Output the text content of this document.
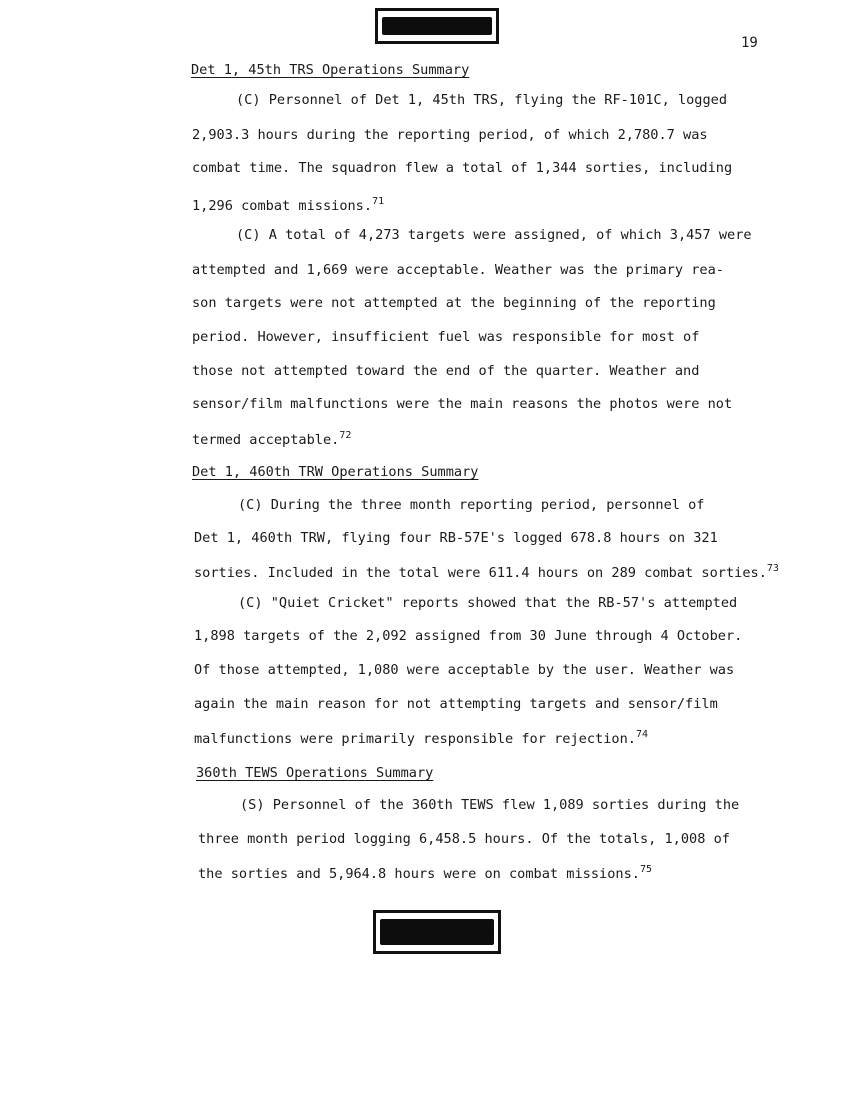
19
Det 1, 45th TRS Operations Summary
(C) Personnel of Det 1, 45th TRS, flying the RF-101C, logged
2,903.3 hours during the reporting period, of which 2,780.7 was
combat time. The squadron flew a total of 1,344 sorties, including
1,296 combat missions.$^{71}$
(C) A total of 4,273 targets were assigned, of which 3,457 were
attempted and 1,669 were acceptable. Weather was the primary rea-
son targets were not attempted at the beginning of the reporting
period. However, insufficient fuel was responsible for most of
those not attempted toward the end of the quarter. Weather and
sensor/film malfunctions were the main reasons the photos were not
termed acceptable.$^{72}$
Det 1, 460th TRW Operations Summary
(C) During the three month reporting period, personnel of
Det 1, 460th TRW, flying four RB-57E's logged 678.8 hours on 321
sorties. Included in the total were 611.4 hours on 289 combat sorties.$^{73}$
(C) "Quiet Cricket" reports showed that the RB-57's attempted
1,898 targets of the 2,092 assigned from 30 June through 4 October.
Of those attempted, 1,080 were acceptable by the user. Weather was
again the main reason for not attempting targets and sensor/film
malfunctions were primarily responsible for rejection.$^{74}$
360th TEWS Operations Summary
(S) Personnel of the 360th TEWS flew 1,089 sorties during the
three month period logging 6,458.5 hours. Of the totals, 1,008 of
the sorties and 5,964.8 hours were on combat missions.$^{75}$
